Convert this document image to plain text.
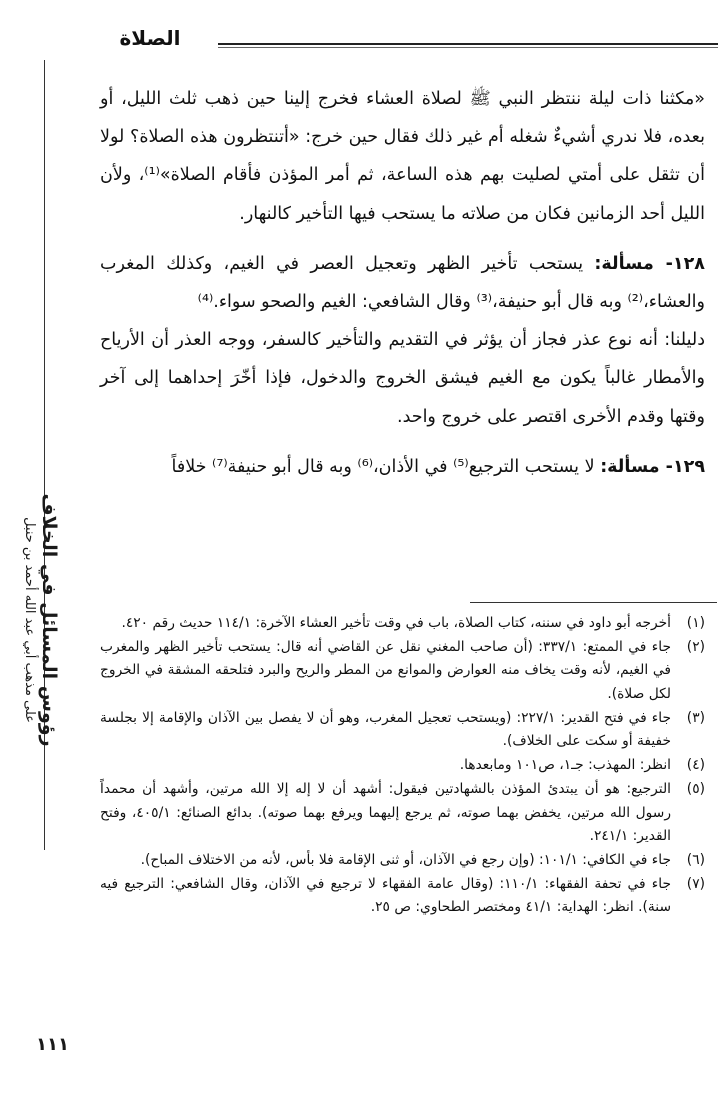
الصلاة
رؤوس المسائل في الخلاف
على مذهب أبي عبد الله أحمد بن حنبل

«مكثنا ذات ليلة ننتظر النبي ﷺ لصلاة العشاء فخرج إلينا حين ذهب ثلث الليل، أو بعده، فلا ندري أشيءٌ شغله أم غير ذلك فقال حين خرج: «أتنتظرون هذه الصلاة؟ لولا أن تثقل على أمتي لصليت بهم هذه الساعة، ثم أمر المؤذن فأقام الصلاة»⁽¹⁾، ولأن الليل أحد الزمانين فكان من صلاته ما يستحب فيها التأخير كالنهار.

١٢٨- مسألة: يستحب تأخير الظهر وتعجيل العصر في الغيم، وكذلك المغرب والعشاء،⁽²⁾ وبه قال أبو حنيفة،⁽³⁾ وقال الشافعي: الغيم والصحو سواء.⁽⁴⁾

دليلنا: أنه نوع عذر فجاز أن يؤثر في التقديم والتأخير كالسفر، ووجه العذر أن الأرياح والأمطار غالباً يكون مع الغيم فيشق الخروج والدخول، فإذا أخّرَ إحداهما إلى آخر وقتها وقدم الأخرى اقتصر على خروج واحد.

١٢٩- مسألة: لا يستحب الترجيع⁽⁵⁾ في الأذان،⁽⁶⁾ وبه قال أبو حنيفة⁽⁷⁾ خلافاً

(١)
أخرجه أبو داود في سننه، كتاب الصلاة، باب في وقت تأخير العشاء الآخرة: ١١٤/١ حديث رقم ٤٢٠.

(٢)
جاء في الممتع: ٣٣٧/١: (أن صاحب المغني نقل عن القاضي أنه قال: يستحب تأخير الظهر والمغرب في الغيم، لأنه وقت يخاف منه العوارض والموانع من المطر والريح والبرد فتلحقه المشقة في الخروج لكل صلاة).

(٣)
جاء في فتح القدير: ٢٢٧/١: (ويستحب تعجيل المغرب، وهو أن لا يفصل بين الآذان والإقامة إلا بجلسة خفيفة أو سكت على الخلاف).

(٤)
انظر: المهذب: جـ١، ص١٠١ ومابعدها.

(٥)
الترجيع: هو أن يبتدئ المؤذن بالشهادتين فيقول: أشهد أن لا إله إلا الله مرتين، وأشهد أن محمداً رسول الله مرتين، يخفض بهما صوته، ثم يرجع إليهما ويرفع بهما صوته). بدائع الصنائع: ٤٠٥/١، وفتح القدير: ٢٤١/١.

(٦)
جاء في الكافي: ١٠١/١: (وإن رجع في الآذان، أو ثنى الإقامة فلا بأس، لأنه من الاختلاف المباح).

(٧)
جاء في تحفة الفقهاء: ١١٠/١: (وقال عامة الفقهاء لا ترجيع في الآذان، وقال الشافعي: الترجيع فيه سنة). انظر: الهداية: ٤١/١ ومختصر الطحاوي: ص ٢٥.

١١١
